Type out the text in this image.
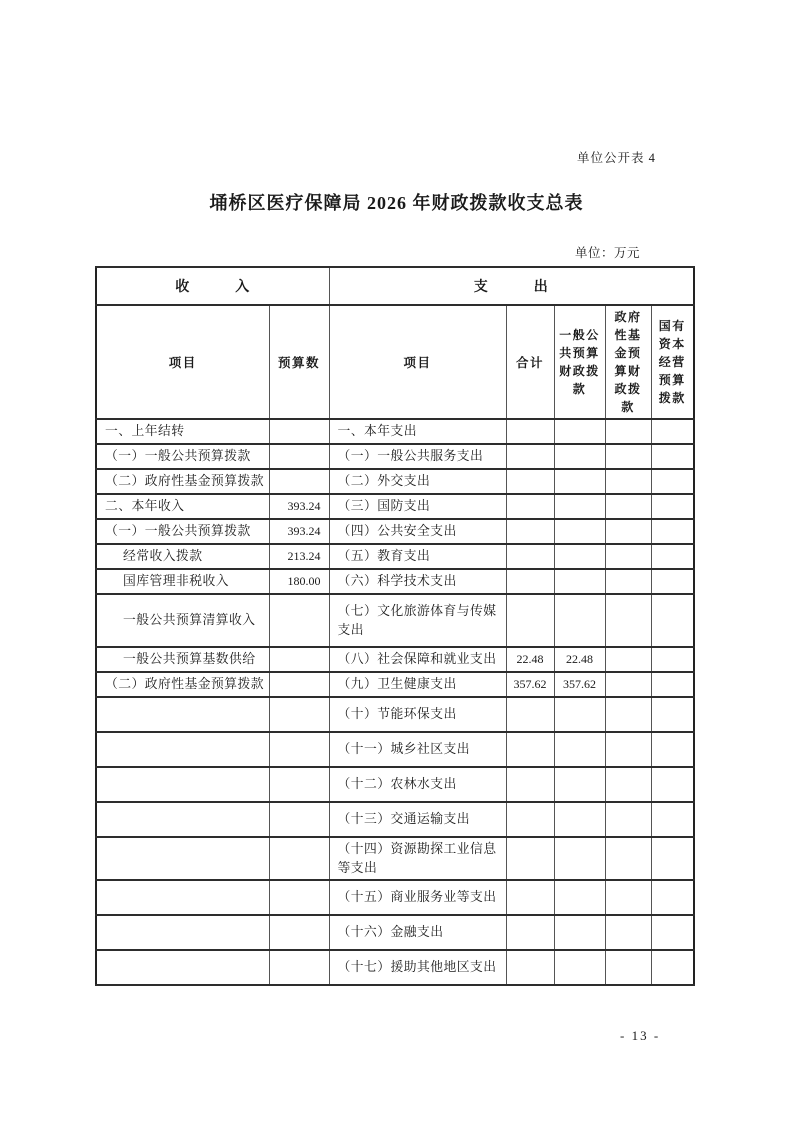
单位公开表 4
埇桥区医疗保障局 2026 年财政拨款收支总表
单位：万元
收　　　入		支　　　出				
项目	预算数	项目	合计	一般公共预算财政拨款	政府性基金预算财政拨款	国有资本经营预算拨款
一、上年结转		一、本年支出				
（一）一般公共预算拨款		（一）一般公共服务支出				
（二）政府性基金预算拨款		（二）外交支出				
二、本年收入	393.24	（三）国防支出				
（一）一般公共预算拨款	393.24	（四）公共安全支出				
经常收入拨款	213.24	（五）教育支出				
国库管理非税收入	180.00	（六）科学技术支出				
一般公共预算清算收入		（七）文化旅游体育与传媒支出				
一般公共预算基数供给		（八）社会保障和就业支出	22.48	22.48		
（二）政府性基金预算拨款		（九）卫生健康支出	357.62	357.62		
		（十）节能环保支出				
		（十一）城乡社区支出				
		（十二）农林水支出				
		（十三）交通运输支出				
		（十四）资源勘探工业信息等支出				
		（十五）商业服务业等支出				
		（十六）金融支出				
		（十七）援助其他地区支出				
- 13 -
